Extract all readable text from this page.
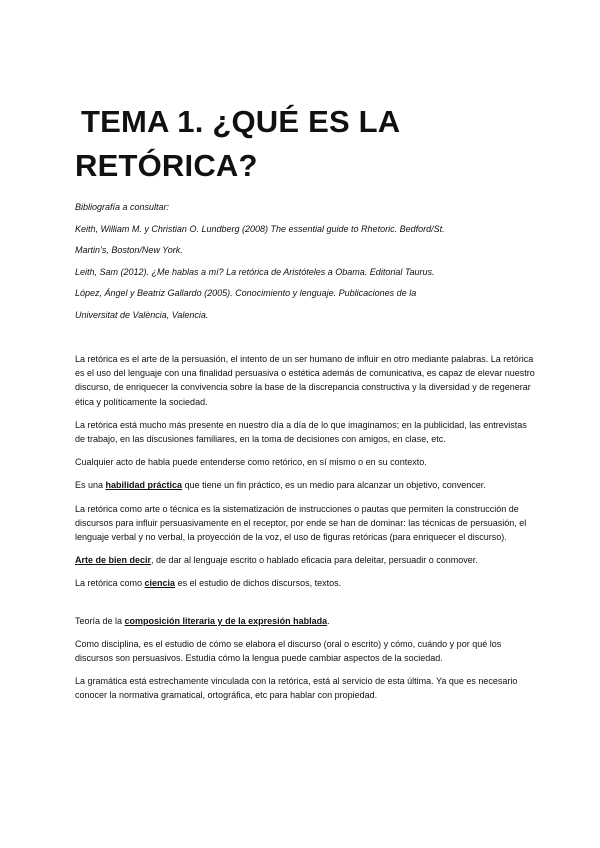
TEMA 1. ¿QUÉ ES LA
RETÓRICA?
Bibliografía a consultar:
Keith, William M. y Christian O. Lundberg (2008) The essential guide to Rhetoric. Bedford/St.
Martin’s, Boston/New York.
Leith, Sam (2012). ¿Me hablas a mí? La retórica de Aristóteles a Obama. Editorial Taurus.
López, Ángel y Beatriz Gallardo (2005). Conocimiento y lenguaje. Publicaciones de la
Universitat de València, Valencia.

La retórica es el arte de la persuasión, el intento de un ser humano de influir en otro mediante palabras. La retórica es el uso del lenguaje con una finalidad persuasiva o estética además de comunicativa, es capaz de elevar nuestro discurso, de enriquecer la convivencia sobre la base de la discrepancia constructiva y la diversidad y de regenerar ética y políticamente la sociedad.

La retórica está mucho más presente en nuestro día a día de lo que imaginamos; en la publicidad, las entrevistas de trabajo, en las discusiones familiares, en la toma de decisiones con amigos, en clase, etc.

Cualquier acto de habla puede entenderse como retórico, en sí mismo o en su contexto.

Es una habilidad práctica que tiene un fin práctico, es un medio para alcanzar un objetivo, convencer.

La retórica como arte o técnica es la sistematización de instrucciones o pautas que permiten la construcción de discursos para influir persuasivamente en el receptor, por ende se han de dominar: las técnicas de persuasión, el lenguaje verbal y no verbal, la proyección de la voz, el uso de figuras retóricas (para enriquecer el discurso).

Arte de bien decir, de dar al lenguaje escrito o hablado eficacia para deleitar, persuadir o conmover.

La retórica como ciencia es el estudio de dichos discursos, textos.

Teoría de la composición literaria y de la expresión hablada.

Como disciplina, es el estudio de cómo se elabora el discurso (oral o escrito) y cómo, cuándo y por qué los discursos son persuasivos. Estudia cómo la lengua puede cambiar aspectos de la sociedad.

La gramática está estrechamente vinculada con la retórica, está al servicio de esta última. Ya que es necesario conocer la normativa gramatical, ortográfica, etc para hablar con propiedad.
